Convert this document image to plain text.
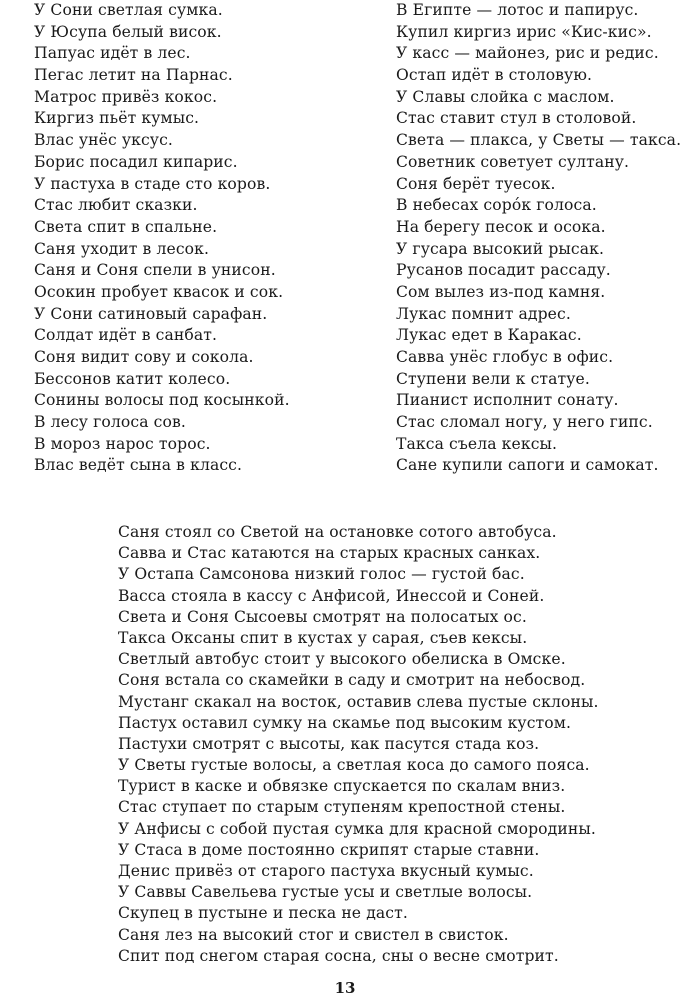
У Сони светлая сумка.
У Юсупа белый висок.
Папуас идёт в лес.
Пегас летит на Парнас.
Матрос привёз кокос.
Киргиз пьёт кумыс.
Влас унёс уксус.
Борис посадил кипарис.
У пастуха в стаде сто коров.
Стас любит сказки.
Света спит в спальне.
Саня уходит в лесок.
Саня и Соня спели в унисон.
Осокин пробует квасок и сок.
У Сони сатиновый сарафан.
Солдат идёт в санбат.
Соня видит сову и сокола.
Бессонов катит колесо.
Сонины волосы под косынкой.
В лесу голоса сов.
В мороз нарос торос.
Влас ведёт сына в класс.
В Египте — лотос и папирус.
Купил киргиз ирис «Кис-кис».
У касс — майонез, рис и редис.
Остап идёт в столовую.
У Славы слойка с маслом.
Стас ставит стул в столовой.
Света — плакса, у Светы — такса.
Советник советует султану.
Соня берёт туесок.
В небесах соро́к голоса.
На берегу песок и осока.
У гусара высокий рысак.
Русанов посадит рассаду.
Сом вылез из-под камня.
Лукас помнит адрес.
Лукас едет в Каракас.
Савва унёс глобус в офис.
Ступени вели к статуе.
Пианист исполнит сонату.
Стас сломал ногу, у него гипс.
Такса съела кексы.
Сане купили сапоги и самокат.
Саня стоял со Светой на остановке сотого автобуса.
Савва и Стас катаются на старых красных санках.
У Остапа Самсонова низкий голос — густой бас.
Васса стояла в кассу с Анфисой, Инессой и Соней.
Света и Соня Сысоевы смотрят на полосатых ос.
Такса Оксаны спит в кустах у сарая, съев кексы.
Светлый автобус стоит у высокого обелиска в Омске.
Соня встала со скамейки в саду и смотрит на небосвод.
Мустанг скакал на восток, оставив слева пустые склоны.
Пастух оставил сумку на скамье под высоким кустом.
Пастухи смотрят с высоты, как пасутся стада коз.
У Светы густые волосы, а светлая коса до самого пояса.
Турист в каске и обвязке спускается по скалам вниз.
Стас ступает по старым ступеням крепостной стены.
У Анфисы с собой пустая сумка для красной смородины.
У Стаса в доме постоянно скрипят старые ставни.
Денис привёз от старого пастуха вкусный кумыс.
У Саввы Савельева густые усы и светлые волосы.
Скупец в пустыне и песка не даст.
Саня лез на высокий стог и свистел в свисток.
Спит под снегом старая сосна, сны о весне смотрит.
13
